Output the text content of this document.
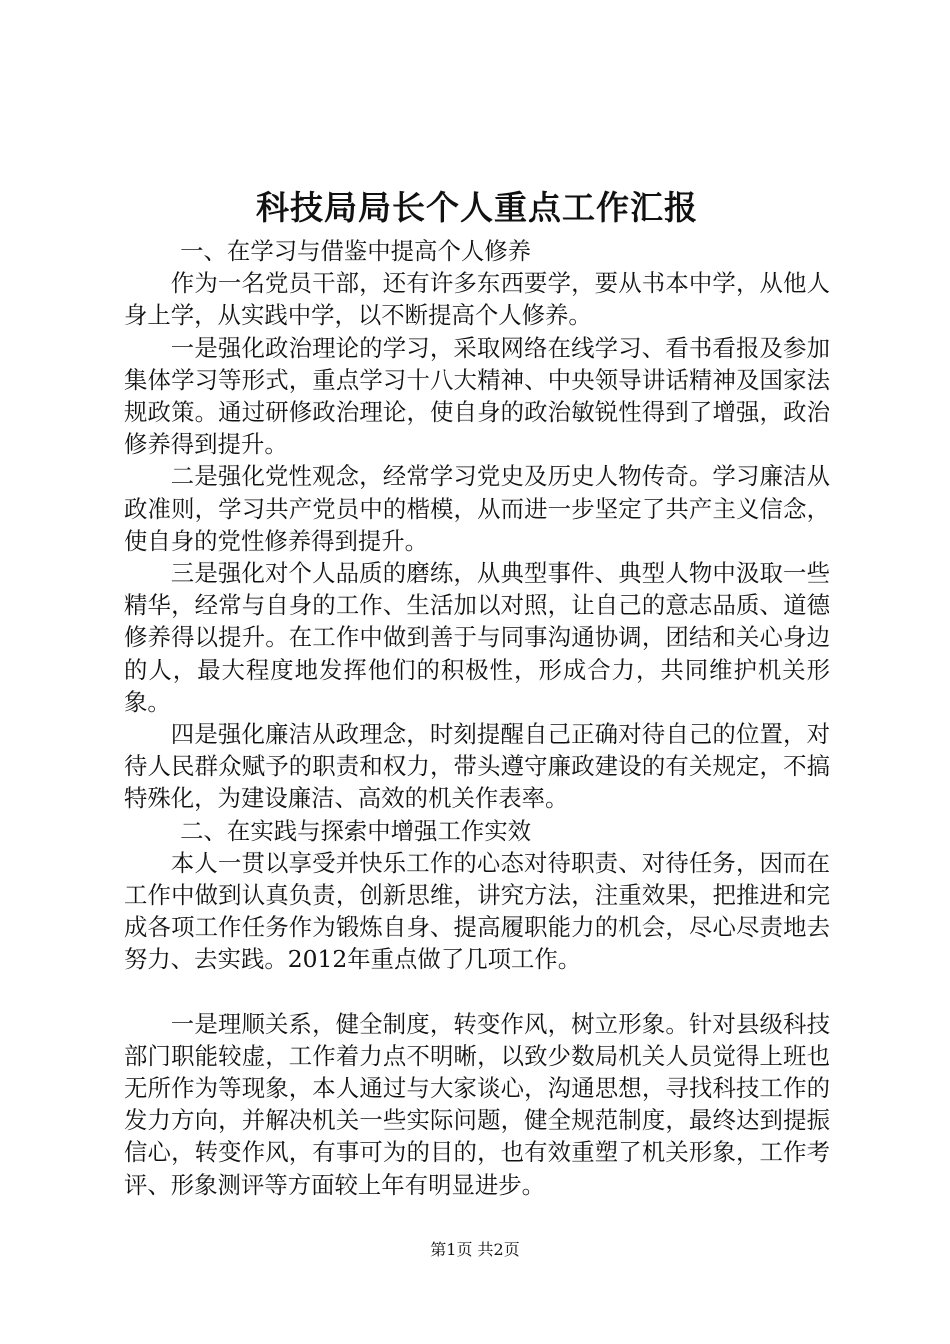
科技局局长个人重点工作汇报

一、在学习与借鉴中提高个人修养

作为一名党员干部，还有许多东西要学，要从书本中学，从他人身上学，从实践中学，以不断提高个人修养。

一是强化政治理论的学习，采取网络在线学习、看书看报及参加集体学习等形式，重点学习十八大精神、中央领导讲话精神及国家法规政策。通过研修政治理论，使自身的政治敏锐性得到了增强，政治修养得到提升。

二是强化党性观念，经常学习党史及历史人物传奇。学习廉洁从政准则，学习共产党员中的楷模，从而进一步坚定了共产主义信念，使自身的党性修养得到提升。

三是强化对个人品质的磨练，从典型事件、典型人物中汲取一些精华，经常与自身的工作、生活加以对照，让自己的意志品质、道德修养得以提升。在工作中做到善于与同事沟通协调，团结和关心身边的人，最大程度地发挥他们的积极性，形成合力，共同维护机关形象。

四是强化廉洁从政理念，时刻提醒自己正确对待自己的位置，对待人民群众赋予的职责和权力，带头遵守廉政建设的有关规定，不搞特殊化，为建设廉洁、高效的机关作表率。

二、在实践与探索中增强工作实效

本人一贯以享受并快乐工作的心态对待职责、对待任务，因而在工作中做到认真负责，创新思维，讲究方法，注重效果，把推进和完成各项工作任务作为锻炼自身、提高履职能力的机会，尽心尽责地去努力、去实践。2012年重点做了几项工作。

一是理顺关系，健全制度，转变作风，树立形象。针对县级科技部门职能较虚，工作着力点不明晰，以致少数局机关人员觉得上班也无所作为等现象，本人通过与大家谈心，沟通思想，寻找科技工作的发力方向，并解决机关一些实际问题，健全规范制度，最终达到提振信心，转变作风，有事可为的目的，也有效重塑了机关形象，工作考评、形象测评等方面较上年有明显进步。

第1页 共2页
